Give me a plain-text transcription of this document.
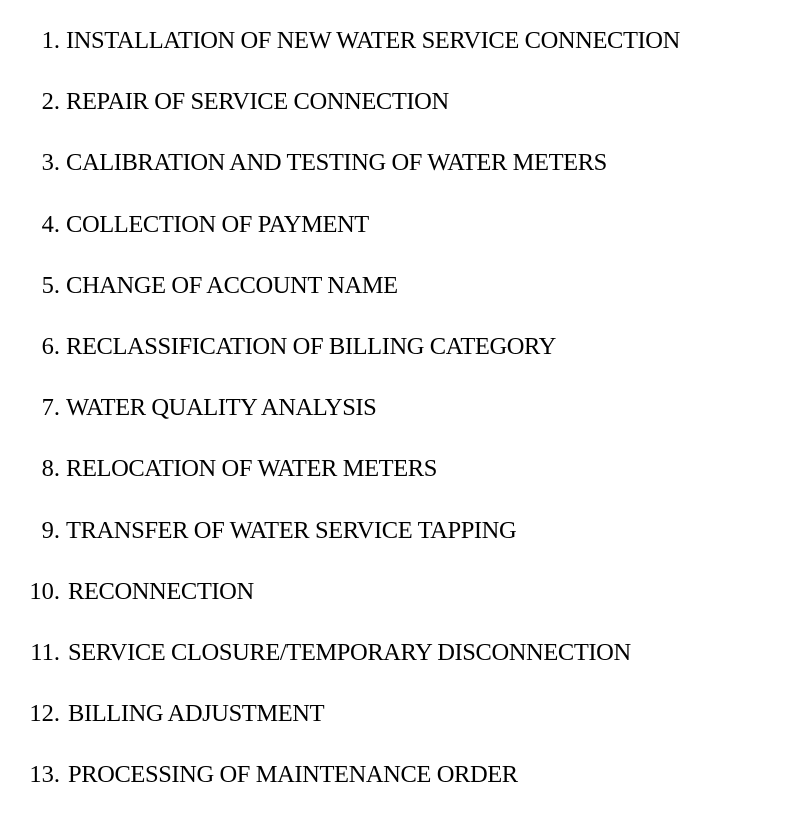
1. INSTALLATION OF NEW WATER SERVICE CONNECTION
2. REPAIR OF SERVICE CONNECTION
3. CALIBRATION AND TESTING OF WATER METERS
4. COLLECTION OF PAYMENT
5. CHANGE OF ACCOUNT NAME
6. RECLASSIFICATION OF BILLING CATEGORY
7. WATER QUALITY ANALYSIS
8. RELOCATION OF WATER METERS
9. TRANSFER OF WATER SERVICE TAPPING
10. RECONNECTION
11. SERVICE CLOSURE/TEMPORARY DISCONNECTION
12. BILLING ADJUSTMENT
13. PROCESSING OF MAINTENANCE ORDER
